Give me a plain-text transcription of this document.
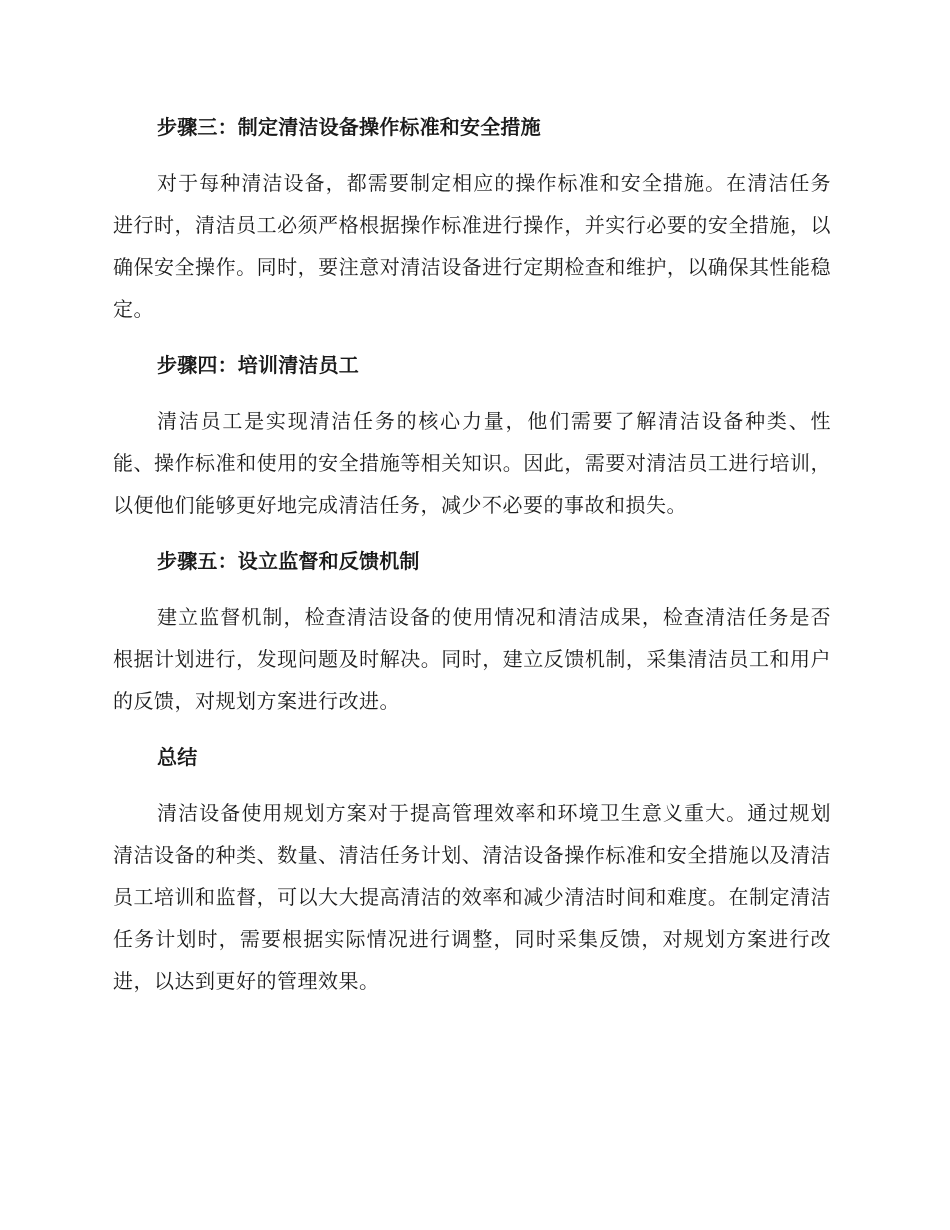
步骤三：制定清洁设备操作标准和安全措施

对于每种清洁设备，都需要制定相应的操作标准和安全措施。在清洁任务进行时，清洁员工必须严格根据操作标准进行操作，并实行必要的安全措施，以确保安全操作。同时，要注意对清洁设备进行定期检查和维护，以确保其性能稳定。

步骤四：培训清洁员工

清洁员工是实现清洁任务的核心力量，他们需要了解清洁设备种类、性能、操作标准和使用的安全措施等相关知识。因此，需要对清洁员工进行培训，以便他们能够更好地完成清洁任务，减少不必要的事故和损失。

步骤五：设立监督和反馈机制

建立监督机制，检查清洁设备的使用情况和清洁成果，检查清洁任务是否根据计划进行，发现问题及时解决。同时，建立反馈机制，采集清洁员工和用户的反馈，对规划方案进行改进。

总结

清洁设备使用规划方案对于提高管理效率和环境卫生意义重大。通过规划清洁设备的种类、数量、清洁任务计划、清洁设备操作标准和安全措施以及清洁员工培训和监督，可以大大提高清洁的效率和减少清洁时间和难度。在制定清洁任务计划时，需要根据实际情况进行调整，同时采集反馈，对规划方案进行改进，以达到更好的管理效果。
